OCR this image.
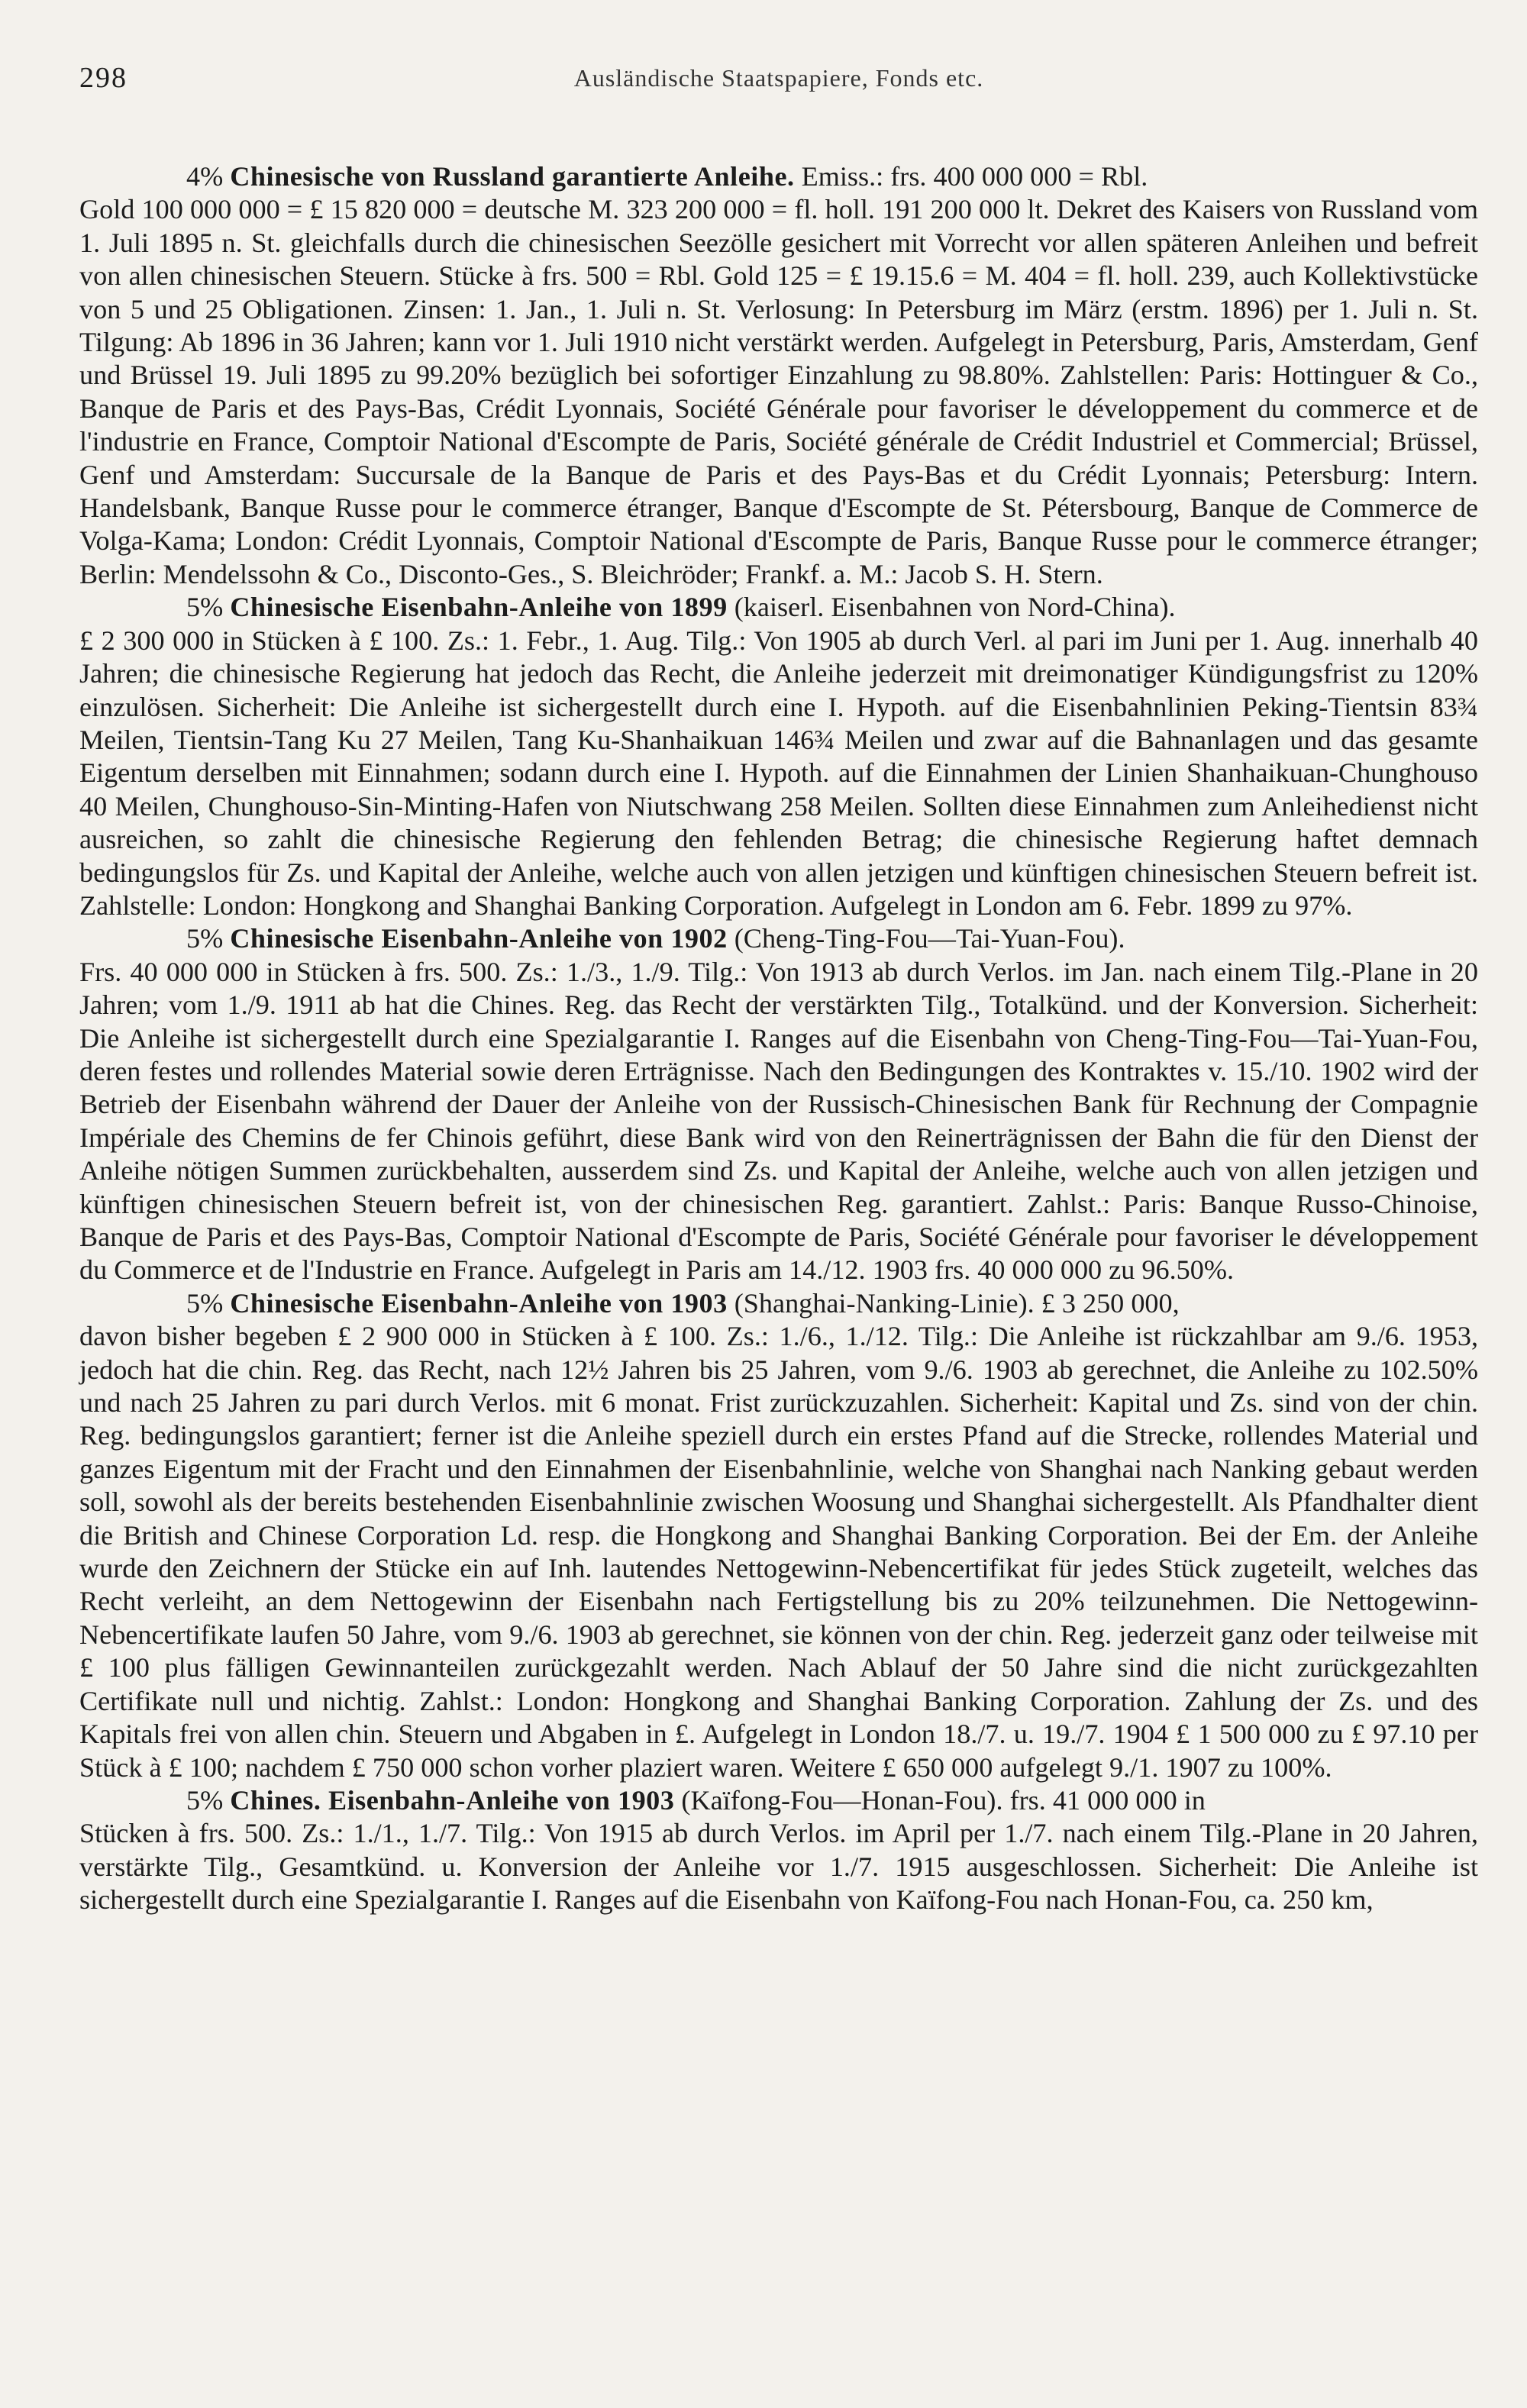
298	Ausländische Staatspapiere, Fonds etc.

4% Chinesische von Russland garantierte Anleihe. Emiss.: frs. 400 000 000 = Rbl.
Gold 100 000 000 = £ 15 820 000 = deutsche M. 323 200 000 = fl. holl. 191 200 000 lt. Dekret des Kaisers von Russland vom 1. Juli 1895 n. St. gleichfalls durch die chinesischen Seezölle gesichert mit Vorrecht vor allen späteren Anleihen und befreit von allen chinesischen Steuern. Stücke à frs. 500 = Rbl. Gold 125 = £ 19.15.6 = M. 404 = fl. holl. 239, auch Kollektivstücke von 5 und 25 Obligationen. Zinsen: 1. Jan., 1. Juli n. St. Verlosung: In Petersburg im März (erstm. 1896) per 1. Juli n. St. Tilgung: Ab 1896 in 36 Jahren; kann vor 1. Juli 1910 nicht verstärkt werden. Aufgelegt in Petersburg, Paris, Amsterdam, Genf und Brüssel 19. Juli 1895 zu 99.20% bezüglich bei sofortiger Einzahlung zu 98.80%. Zahlstellen: Paris: Hottinguer & Co., Banque de Paris et des Pays-Bas, Crédit Lyonnais, Société Générale pour favoriser le développement du commerce et de l'industrie en France, Comptoir National d'Escompte de Paris, Société générale de Crédit Industriel et Commercial; Brüssel, Genf und Amsterdam: Succursale de la Banque de Paris et des Pays-Bas et du Crédit Lyonnais; Petersburg: Intern. Handelsbank, Banque Russe pour le commerce étranger, Banque d'Escompte de St. Pétersbourg, Banque de Commerce de Volga-Kama; London: Crédit Lyonnais, Comptoir National d'Escompte de Paris, Banque Russe pour le commerce étranger; Berlin: Mendelssohn & Co., Disconto-Ges., S. Bleichröder; Frankf. a. M.: Jacob S. H. Stern.

5% Chinesische Eisenbahn-Anleihe von 1899 (kaiserl. Eisenbahnen von Nord-China).
£ 2 300 000 in Stücken à £ 100. Zs.: 1. Febr., 1. Aug. Tilg.: Von 1905 ab durch Verl. al pari im Juni per 1. Aug. innerhalb 40 Jahren; die chinesische Regierung hat jedoch das Recht, die Anleihe jederzeit mit dreimonatiger Kündigungsfrist zu 120% einzulösen. Sicherheit: Die Anleihe ist sichergestellt durch eine I. Hypoth. auf die Eisenbahnlinien Peking-Tientsin 83¾ Meilen, Tientsin-Tang Ku 27 Meilen, Tang Ku-Shanhaikuan 146¾ Meilen und zwar auf die Bahnanlagen und das gesamte Eigentum derselben mit Einnahmen; sodann durch eine I. Hypoth. auf die Einnahmen der Linien Shanhaikuan-Chunghouso 40 Meilen, Chunghouso-Sin-Minting-Hafen von Niutschwang 258 Meilen. Sollten diese Einnahmen zum Anleihedienst nicht ausreichen, so zahlt die chinesische Regierung den fehlenden Betrag; die chinesische Regierung haftet demnach bedingungslos für Zs. und Kapital der Anleihe, welche auch von allen jetzigen und künftigen chinesischen Steuern befreit ist. Zahlstelle: London: Hongkong and Shanghai Banking Corporation. Aufgelegt in London am 6. Febr. 1899 zu 97%.

5% Chinesische Eisenbahn-Anleihe von 1902 (Cheng-Ting-Fou—Tai-Yuan-Fou).
Frs. 40 000 000 in Stücken à frs. 500. Zs.: 1./3., 1./9. Tilg.: Von 1913 ab durch Verlos. im Jan. nach einem Tilg.-Plane in 20 Jahren; vom 1./9. 1911 ab hat die Chines. Reg. das Recht der verstärkten Tilg., Totalkünd. und der Konversion. Sicherheit: Die Anleihe ist sichergestellt durch eine Spezialgarantie I. Ranges auf die Eisenbahn von Cheng-Ting-Fou—Tai-Yuan-Fou, deren festes und rollendes Material sowie deren Erträgnisse. Nach den Bedingungen des Kontraktes v. 15./10. 1902 wird der Betrieb der Eisenbahn während der Dauer der Anleihe von der Russisch-Chinesischen Bank für Rechnung der Compagnie Impériale des Chemins de fer Chinois geführt, diese Bank wird von den Reinerträgnissen der Bahn die für den Dienst der Anleihe nötigen Summen zurückbehalten, ausserdem sind Zs. und Kapital der Anleihe, welche auch von allen jetzigen und künftigen chinesischen Steuern befreit ist, von der chinesischen Reg. garantiert. Zahlst.: Paris: Banque Russo-Chinoise, Banque de Paris et des Pays-Bas, Comptoir National d'Escompte de Paris, Société Générale pour favoriser le développement du Commerce et de l'Industrie en France. Aufgelegt in Paris am 14./12. 1903 frs. 40 000 000 zu 96.50%.

5% Chinesische Eisenbahn-Anleihe von 1903 (Shanghai-Nanking-Linie). £ 3 250 000,
davon bisher begeben £ 2 900 000 in Stücken à £ 100. Zs.: 1./6., 1./12. Tilg.: Die Anleihe ist rückzahlbar am 9./6. 1953, jedoch hat die chin. Reg. das Recht, nach 12½ Jahren bis 25 Jahren, vom 9./6. 1903 ab gerechnet, die Anleihe zu 102.50% und nach 25 Jahren zu pari durch Verlos. mit 6 monat. Frist zurückzuzahlen. Sicherheit: Kapital und Zs. sind von der chin. Reg. bedingungslos garantiert; ferner ist die Anleihe speziell durch ein erstes Pfand auf die Strecke, rollendes Material und ganzes Eigentum mit der Fracht und den Einnahmen der Eisenbahnlinie, welche von Shanghai nach Nanking gebaut werden soll, sowohl als der bereits bestehenden Eisenbahnlinie zwischen Woosung und Shanghai sichergestellt. Als Pfandhalter dient die British and Chinese Corporation Ld. resp. die Hongkong and Shanghai Banking Corporation. Bei der Em. der Anleihe wurde den Zeichnern der Stücke ein auf Inh. lautendes Nettogewinn-Nebencertifikat für jedes Stück zugeteilt, welches das Recht verleiht, an dem Nettogewinn der Eisenbahn nach Fertigstellung bis zu 20% teilzunehmen. Die Nettogewinn-Nebencertifikate laufen 50 Jahre, vom 9./6. 1903 ab gerechnet, sie können von der chin. Reg. jederzeit ganz oder teilweise mit £ 100 plus fälligen Gewinnanteilen zurückgezahlt werden. Nach Ablauf der 50 Jahre sind die nicht zurückgezahlten Certifikate null und nichtig. Zahlst.: London: Hongkong and Shanghai Banking Corporation. Zahlung der Zs. und des Kapitals frei von allen chin. Steuern und Abgaben in £. Aufgelegt in London 18./7. u. 19./7. 1904 £ 1 500 000 zu £ 97.10 per Stück à £ 100; nachdem £ 750 000 schon vorher plaziert waren. Weitere £ 650 000 aufgelegt 9./1. 1907 zu 100%.

5% Chines. Eisenbahn-Anleihe von 1903 (Kaïfong-Fou—Honan-Fou). frs. 41 000 000 in
Stücken à frs. 500. Zs.: 1./1., 1./7. Tilg.: Von 1915 ab durch Verlos. im April per 1./7. nach einem Tilg.-Plane in 20 Jahren, verstärkte Tilg., Gesamtkünd. u. Konversion der Anleihe vor 1./7. 1915 ausgeschlossen. Sicherheit: Die Anleihe ist sichergestellt durch eine Spezialgarantie I. Ranges auf die Eisenbahn von Kaïfong-Fou nach Honan-Fou, ca. 250 km,
